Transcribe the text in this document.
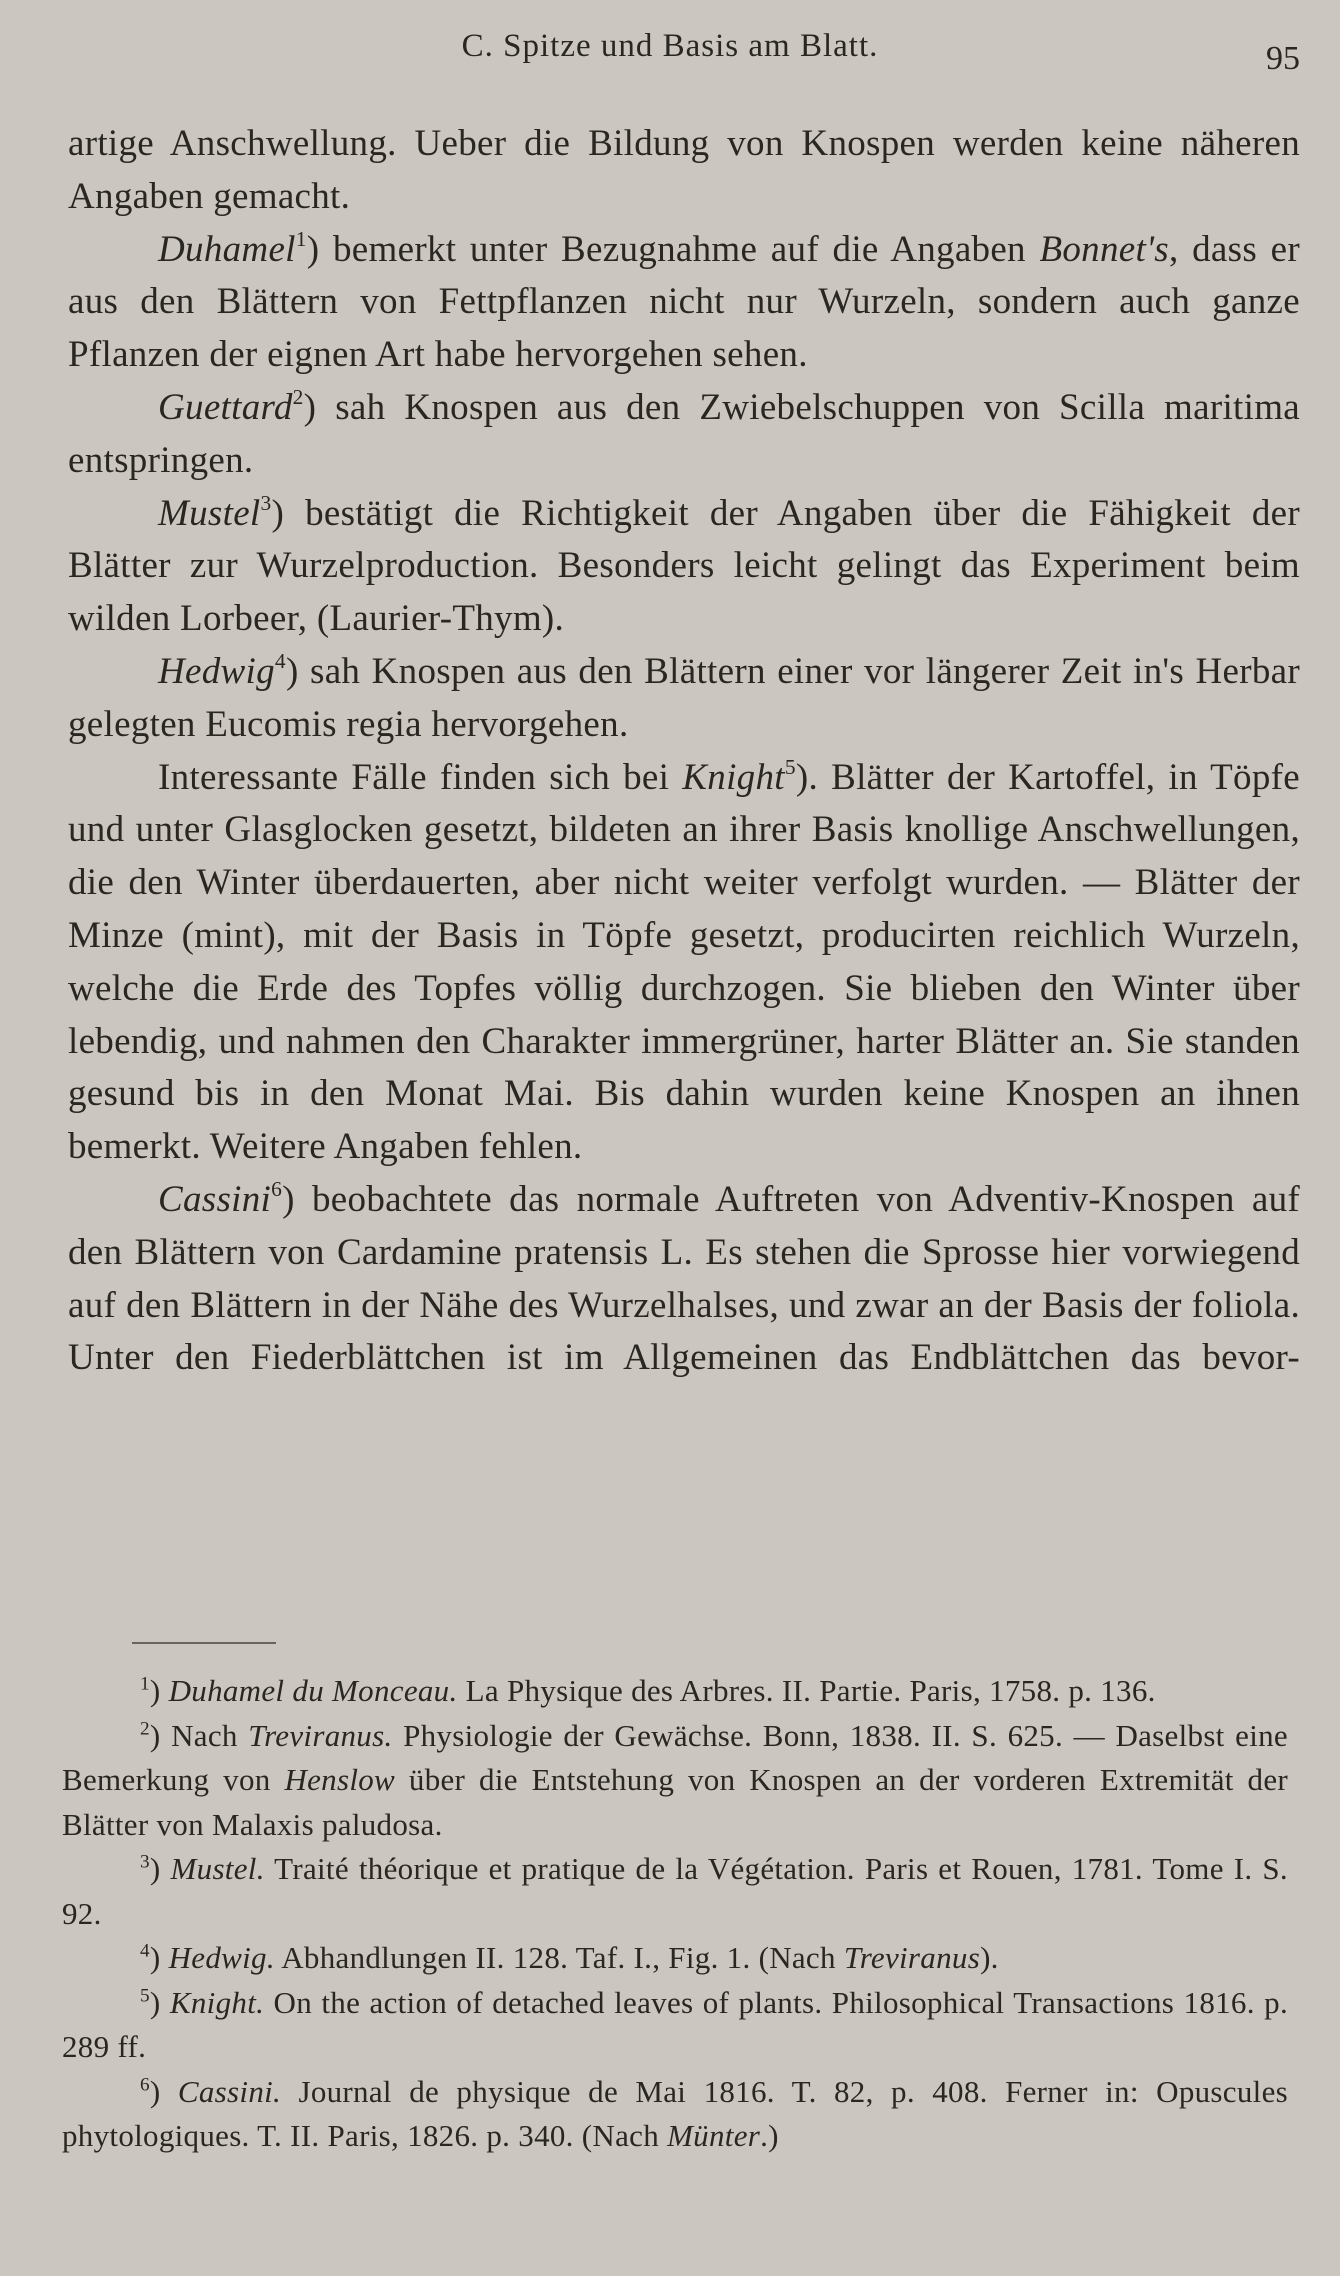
C. Spitze und Basis am Blatt.	95

artige Anschwellung. Ueber die Bildung von Knospen werden keine näheren Angaben gemacht.

Duhamel$^1$) bemerkt unter Bezugnahme auf die Angaben Bonnet's, dass er aus den Blättern von Fettpflanzen nicht nur Wurzeln, sondern auch ganze Pflanzen der eignen Art habe hervorgehen sehen.

Guettard$^2$) sah Knospen aus den Zwiebelschuppen von Scilla maritima entspringen.

Mustel$^3$) bestätigt die Richtigkeit der Angaben über die Fähigkeit der Blätter zur Wurzelproduction. Besonders leicht gelingt das Experiment beim wilden Lorbeer, (Laurier-Thym).

Hedwig$^4$) sah Knospen aus den Blättern einer vor längerer Zeit in's Herbar gelegten Eucomis regia hervorgehen.

Interessante Fälle finden sich bei Knight$^5$). Blätter der Kartoffel, in Töpfe und unter Glasglocken gesetzt, bildeten an ihrer Basis knollige Anschwellungen, die den Winter überdauerten, aber nicht weiter verfolgt wurden. — Blätter der Minze (mint), mit der Basis in Töpfe gesetzt, producirten reichlich Wurzeln, welche die Erde des Topfes völlig durchzogen. Sie blieben den Winter über lebendig, und nahmen den Charakter immergrüner, harter Blätter an. Sie standen gesund bis in den Monat Mai. Bis dahin wurden keine Knospen an ihnen bemerkt. Weitere Angaben fehlen.

Cassini$^6$) beobachtete das normale Auftreten von Adventiv-Knospen auf den Blättern von Cardamine pratensis L. Es stehen die Sprosse hier vorwiegend auf den Blättern in der Nähe des Wurzelhalses, und zwar an der Basis der foliola. Unter den Fiederblättchen ist im Allgemeinen das Endblättchen das bevor-

$^1$) Duhamel du Monceau. La Physique des Arbres. II. Partie. Paris, 1758. p. 136.

$^2$) Nach Treviranus. Physiologie der Gewächse. Bonn, 1838. II. S. 625. — Daselbst eine Bemerkung von Henslow über die Entstehung von Knospen an der vorderen Extremität der Blätter von Malaxis paludosa.

$^3$) Mustel. Traité théorique et pratique de la Végétation. Paris et Rouen, 1781. Tome I. S. 92.

$^4$) Hedwig. Abhandlungen II. 128. Taf. I., Fig. 1. (Nach Treviranus).

$^5$) Knight. On the action of detached leaves of plants. Philosophical Transactions 1816. p. 289 ff.

$^6$) Cassini. Journal de physique de Mai 1816. T. 82, p. 408. Ferner in: Opuscules phytologiques. T. II. Paris, 1826. p. 340. (Nach Münter.)
